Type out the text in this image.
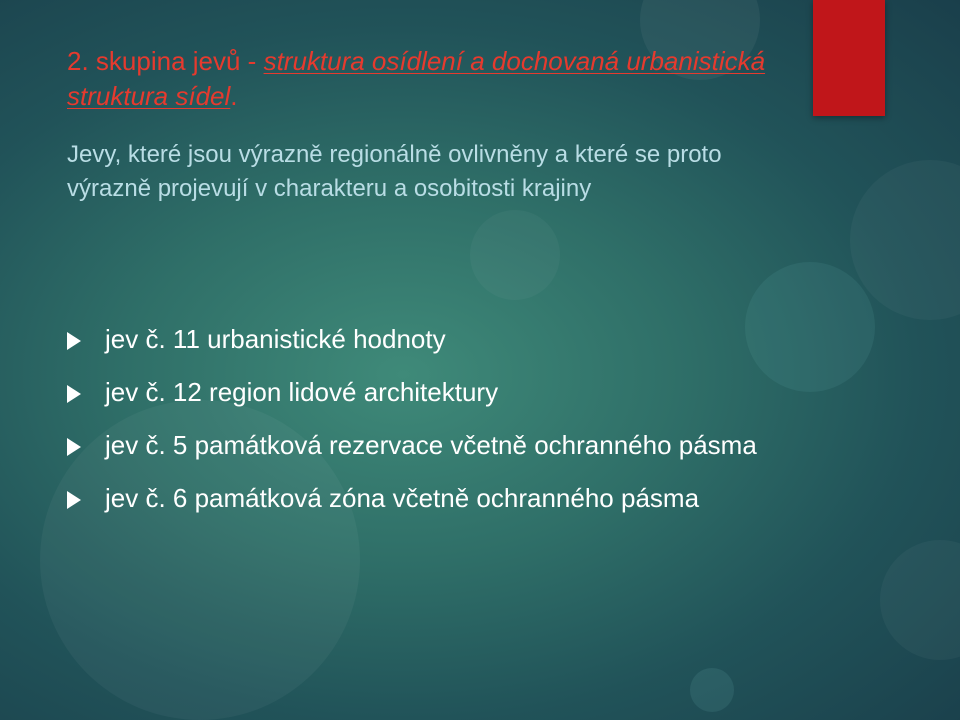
2. skupina jevů - struktura osídlení a dochovaná urbanistická struktura sídel.
Jevy, které jsou výrazně regionálně ovlivněny a které se proto výrazně projevují v charakteru a osobitosti krajiny
jev č. 11 urbanistické hodnoty
jev č. 12 region lidové architektury
jev č. 5 památková rezervace včetně ochranného pásma
jev č. 6 památková zóna včetně ochranného pásma
